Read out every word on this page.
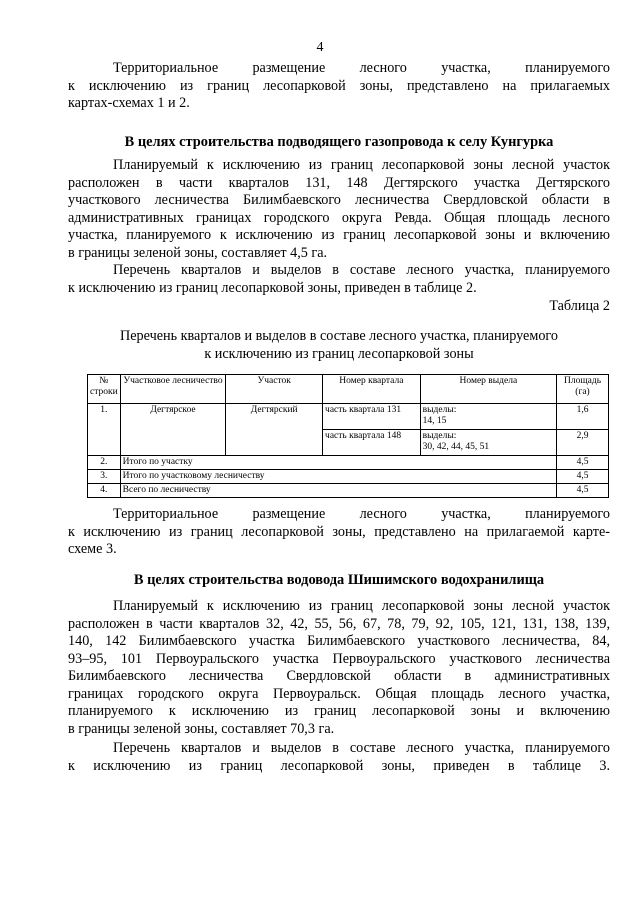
4
Территориальное размещение лесного участка, планируемого
к исключению из границ лесопарковой зоны, представлено на прилагаемых
картах-схемах 1 и 2.
В целях строительства подводящего газопровода к селу Кунгурка
Планируемый к исключению из границ лесопарковой зоны лесной участок
расположен в части кварталов 131, 148 Дегтярского участка Дегтярского
участкового лесничества Билимбаевского лесничества Свердловской области в
административных границах городского округа Ревда. Общая площадь лесного
участка, планируемого к исключению из границ лесопарковой зоны и включению
в границы зеленой зоны, составляет 4,5 га.
Перечень кварталов и выделов в составе лесного участка, планируемого
к исключению из границ лесопарковой зоны, приведен в таблице 2.
Таблица 2
Перечень кварталов и выделов в составе лесного участка, планируемого
к исключению из границ лесопарковой зоны
№ строки	Участковое лесничество	Участок	Номер квартала	Номер выдела	Площадь (га)
1.	Дегтярское	Дегтярский	часть квартала 131	выделы:
14, 15	1,6
			часть квартала 148	выделы:
30, 42, 44, 45, 51	2,9
2.	Итого по участку				4,5
3.	Итого по участковому лесничеству				4,5
4.	Всего по лесничеству				4,5
Территориальное размещение лесного участка, планируемого
к исключению из границ лесопарковой зоны, представлено на прилагаемой карте-
схеме 3.
В целях строительства водовода Шишимского водохранилища
Планируемый к исключению из границ лесопарковой зоны лесной участок
расположен в части кварталов 32, 42, 55, 56, 67, 78, 79, 92, 105, 121, 131, 138, 139,
140, 142 Билимбаевского участка Билимбаевского участкового лесничества, 84,
93–95, 101 Первоуральского участка Первоуральского участкового лесничества
Билимбаевского лесничества Свердловской области в административных
границах городского округа Первоуральск. Общая площадь лесного участка,
планируемого к исключению из границ лесопарковой зоны и включению
в границы зеленой зоны, составляет 70,3 га.
Перечень кварталов и выделов в составе лесного участка, планируемого
к исключению из границ лесопарковой зоны, приведен в таблице 3.
